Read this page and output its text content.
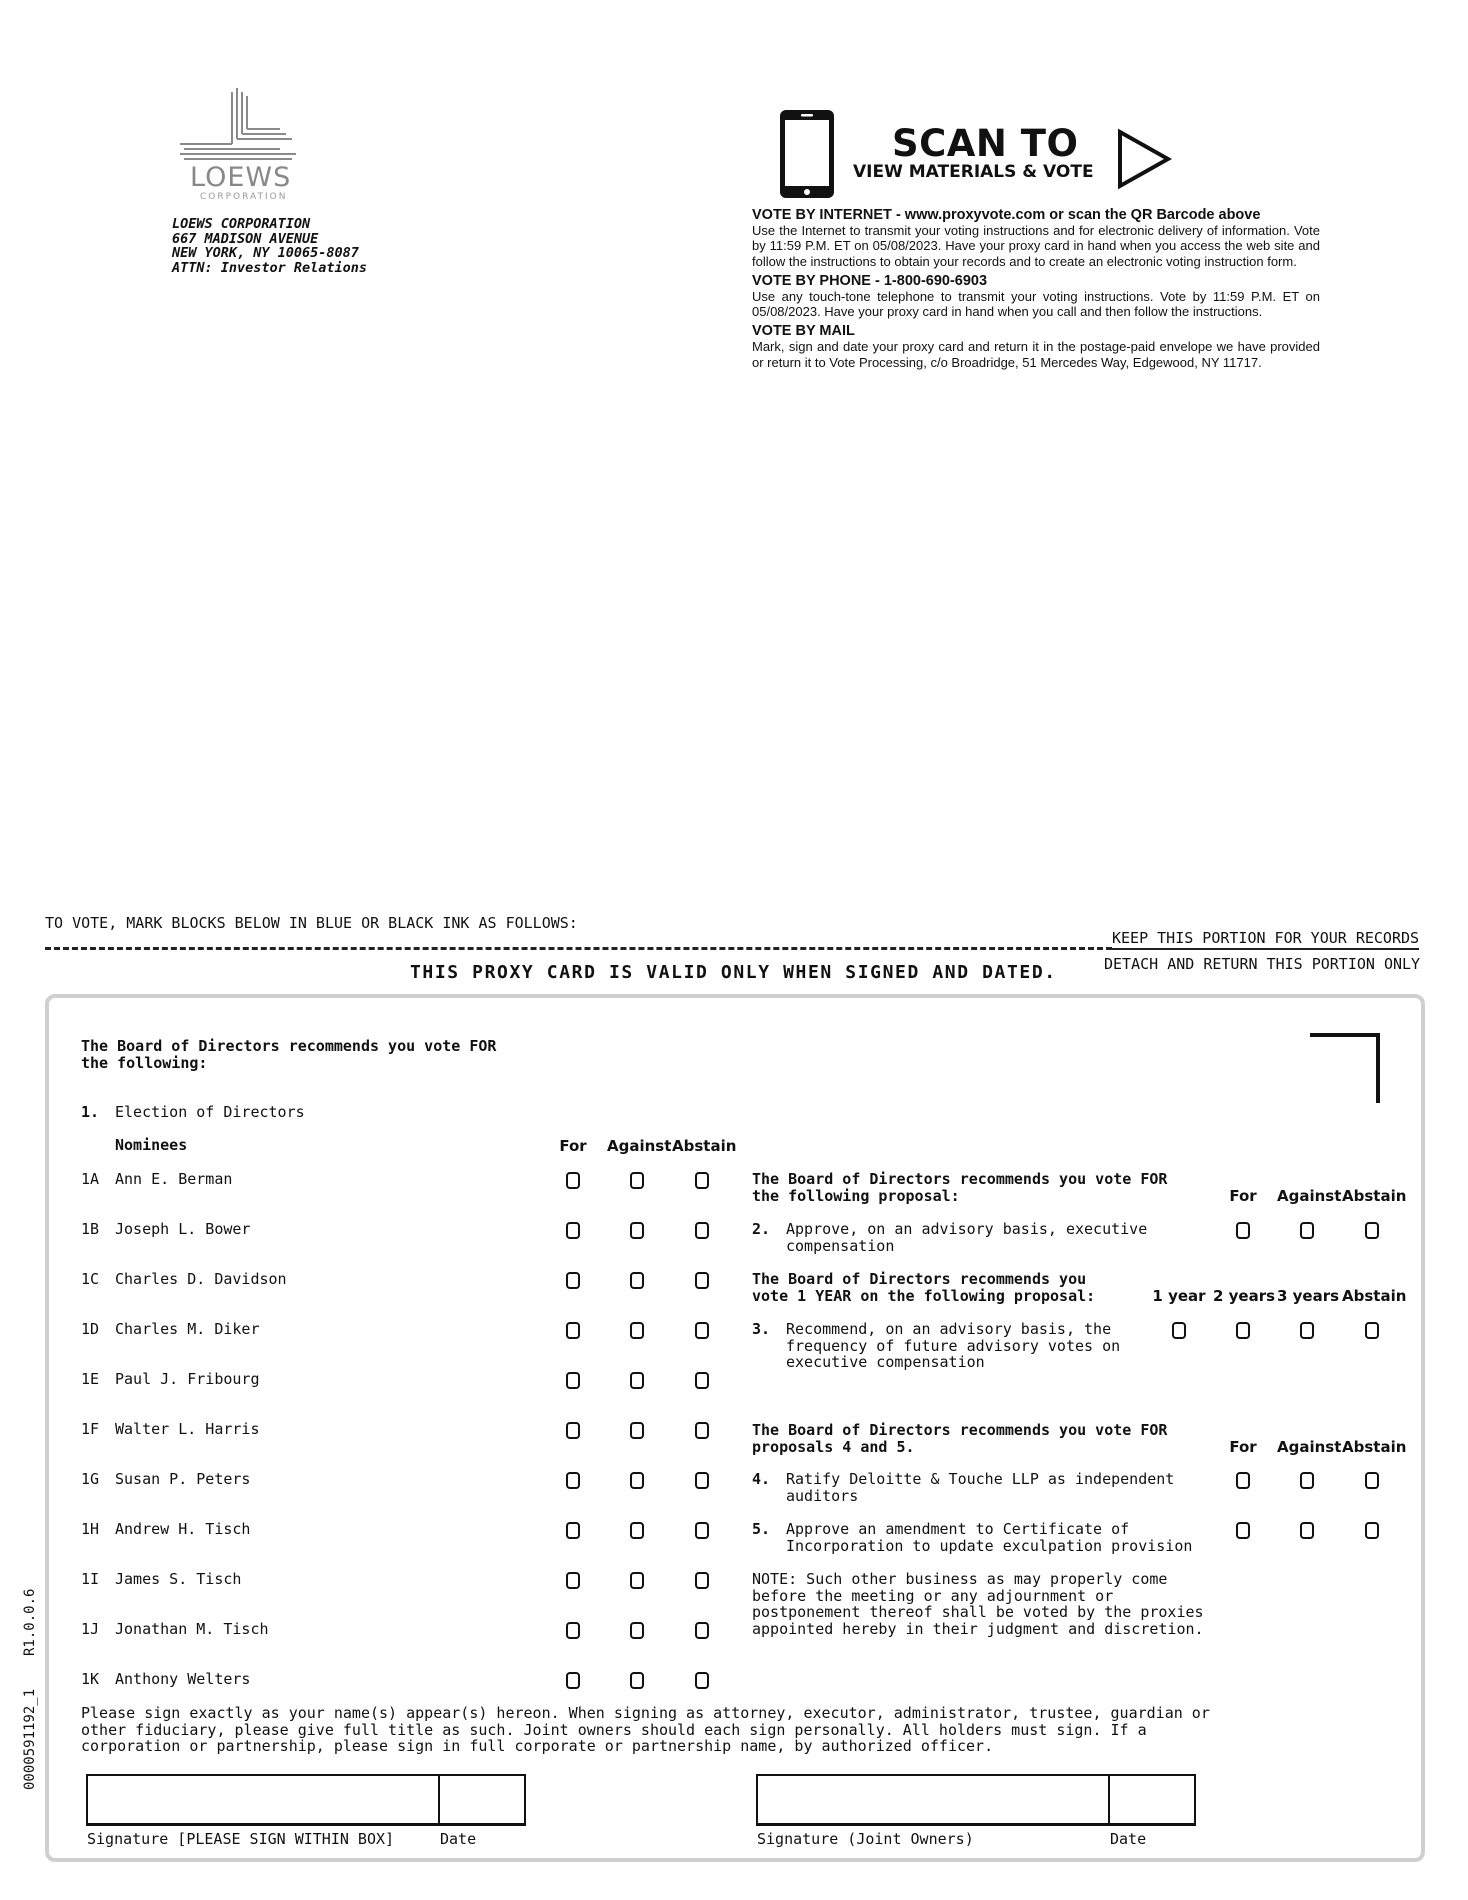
LOEWS
CORPORATION
LOEWS CORPORATION
667 MADISON AVENUE
NEW YORK, NY 10065-8087
ATTN: Investor Relations
SCAN TO
VIEW MATERIALS & VOTE
VOTE BY INTERNET - www.proxyvote.com or scan the QR Barcode above
Use the Internet to transmit your voting instructions and for electronic delivery of information. Vote by 11:59 P.M. ET on 05/08/2023. Have your proxy card in hand when you access the web site and follow the instructions to obtain your records and to create an electronic voting instruction form.
VOTE BY PHONE - 1-800-690-6903
Use any touch-tone telephone to transmit your voting instructions. Vote by 11:59 P.M. ET on 05/08/2023. Have your proxy card in hand when you call and then follow the instructions.
VOTE BY MAIL
Mark, sign and date your proxy card and return it in the postage-paid envelope we have provided or return it to Vote Processing, c/o Broadridge, 51 Mercedes Way, Edgewood, NY 11717.
TO VOTE, MARK BLOCKS BELOW IN BLUE OR BLACK INK AS FOLLOWS:
KEEP THIS PORTION FOR YOUR RECORDS
DETACH AND RETURN THIS PORTION ONLY
THIS PROXY CARD IS VALID ONLY WHEN SIGNED AND DATED.
The Board of Directors recommends you vote FOR
the following:
1. Election of Directors
Nominees	For	Against Abstain
1A Ann E. Berman
1B Joseph L. Bower
1C Charles D. Davidson
1D Charles M. Diker
1E Paul J. Fribourg
1F Walter L. Harris
1G Susan P. Peters
1H Andrew H. Tisch
1I James S. Tisch
1J Jonathan M. Tisch
1K Anthony Welters
The Board of Directors recommends you vote FOR
the following proposal:	For	Against Abstain
2. Approve, on an advisory basis, executive
compensation
The Board of Directors recommends you
vote 1 YEAR on the following proposal:	1 year 2 years 3 years Abstain
3. Recommend, on an advisory basis, the
frequency of future advisory votes on
executive compensation
The Board of Directors recommends you vote FOR
proposals 4 and 5.	For	Against Abstain
4. Ratify Deloitte & Touche LLP as independent
auditors
5. Approve an amendment to Certificate of
Incorporation to update exculpation provision
NOTE: Such other business as may properly come
before the meeting or any adjournment or
postponement thereof shall be voted by the proxies
appointed hereby in their judgment and discretion.
Please sign exactly as your name(s) appear(s) hereon. When signing as attorney, executor, administrator, trustee, guardian or
other fiduciary, please give full title as such. Joint owners should each sign personally. All holders must sign. If a
corporation or partnership, please sign in full corporate or partnership name, by authorized officer.
Signature [PLEASE SIGN WITHIN BOX]	Date	Signature (Joint Owners)	Date
0000591192_1
R1.0.0.6
